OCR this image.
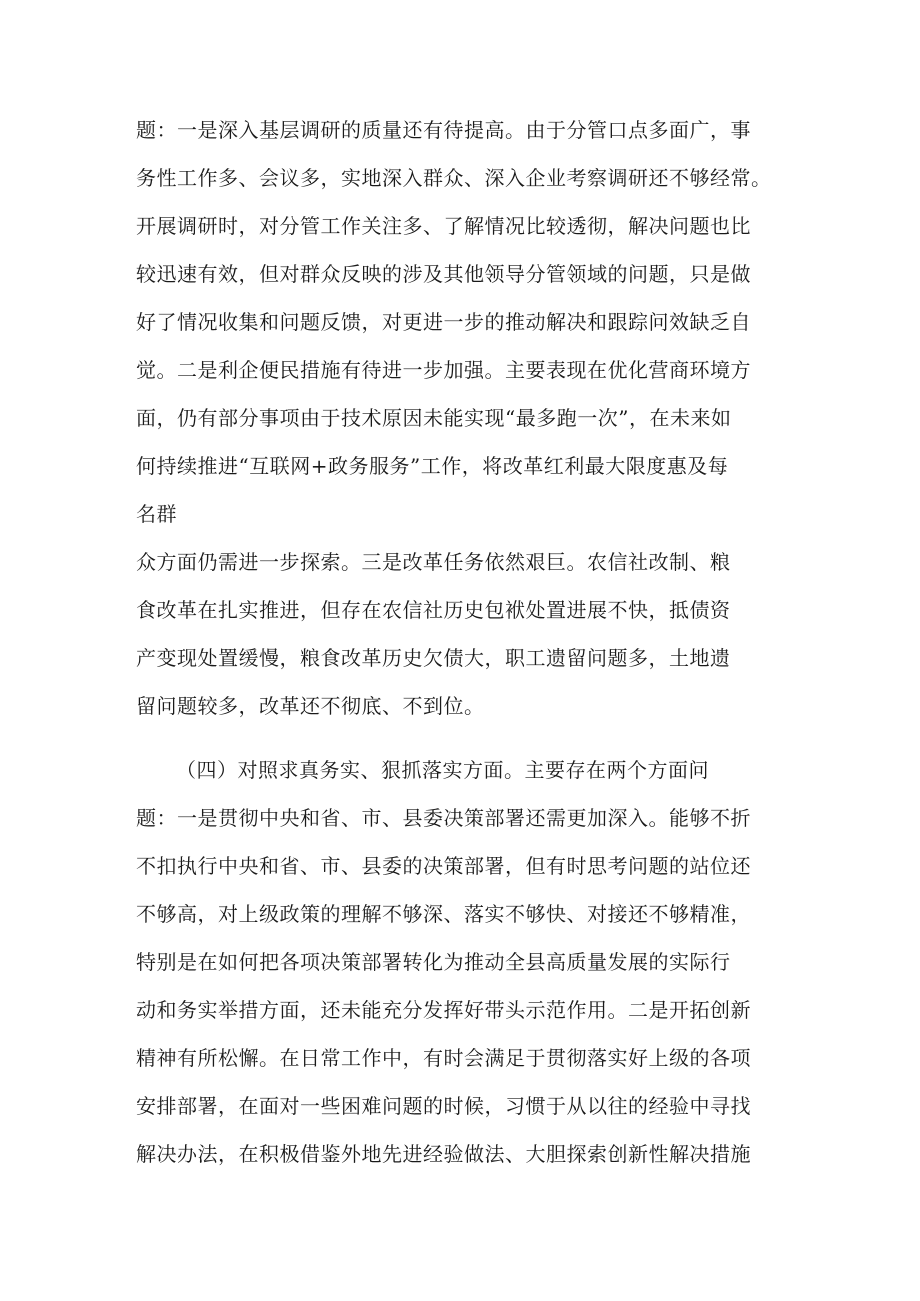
题：一是深入基层调研的质量还有待提高。由于分管口点多面广，事
务性工作多、会议多，实地深入群众、深入企业考察调研还不够经常。
开展调研时，对分管工作关注多、了解情况比较透彻，解决问题也比
较迅速有效，但对群众反映的涉及其他领导分管领域的问题，只是做
好了情况收集和问题反馈，对更进一步的推动解决和跟踪问效缺乏自
觉。二是利企便民措施有待进一步加强。主要表现在优化营商环境方
面，仍有部分事项由于技术原因未能实现“最多跑一次”，在未来如
何持续推进“互联网+政务服务”工作，将改革红利最大限度惠及每
名群
众方面仍需进一步探索。三是改革任务依然艰巨。农信社改制、粮
食改革在扎实推进，但存在农信社历史包袱处置进展不快，抵债资
产变现处置缓慢，粮食改革历史欠债大，职工遗留问题多，土地遗
留问题较多，改革还不彻底、不到位。
（四）对照求真务实、狠抓落实方面。主要存在两个方面问
题：一是贯彻中央和省、市、县委决策部署还需更加深入。能够不折
不扣执行中央和省、市、县委的决策部署，但有时思考问题的站位还
不够高，对上级政策的理解不够深、落实不够快、对接还不够精准，
特别是在如何把各项决策部署转化为推动全县高质量发展的实际行
动和务实举措方面，还未能充分发挥好带头示范作用。二是开拓创新
精神有所松懈。在日常工作中，有时会满足于贯彻落实好上级的各项
安排部署，在面对一些困难问题的时候，习惯于从以往的经验中寻找
解决办法，在积极借鉴外地先进经验做法、大胆探索创新性解决措施
